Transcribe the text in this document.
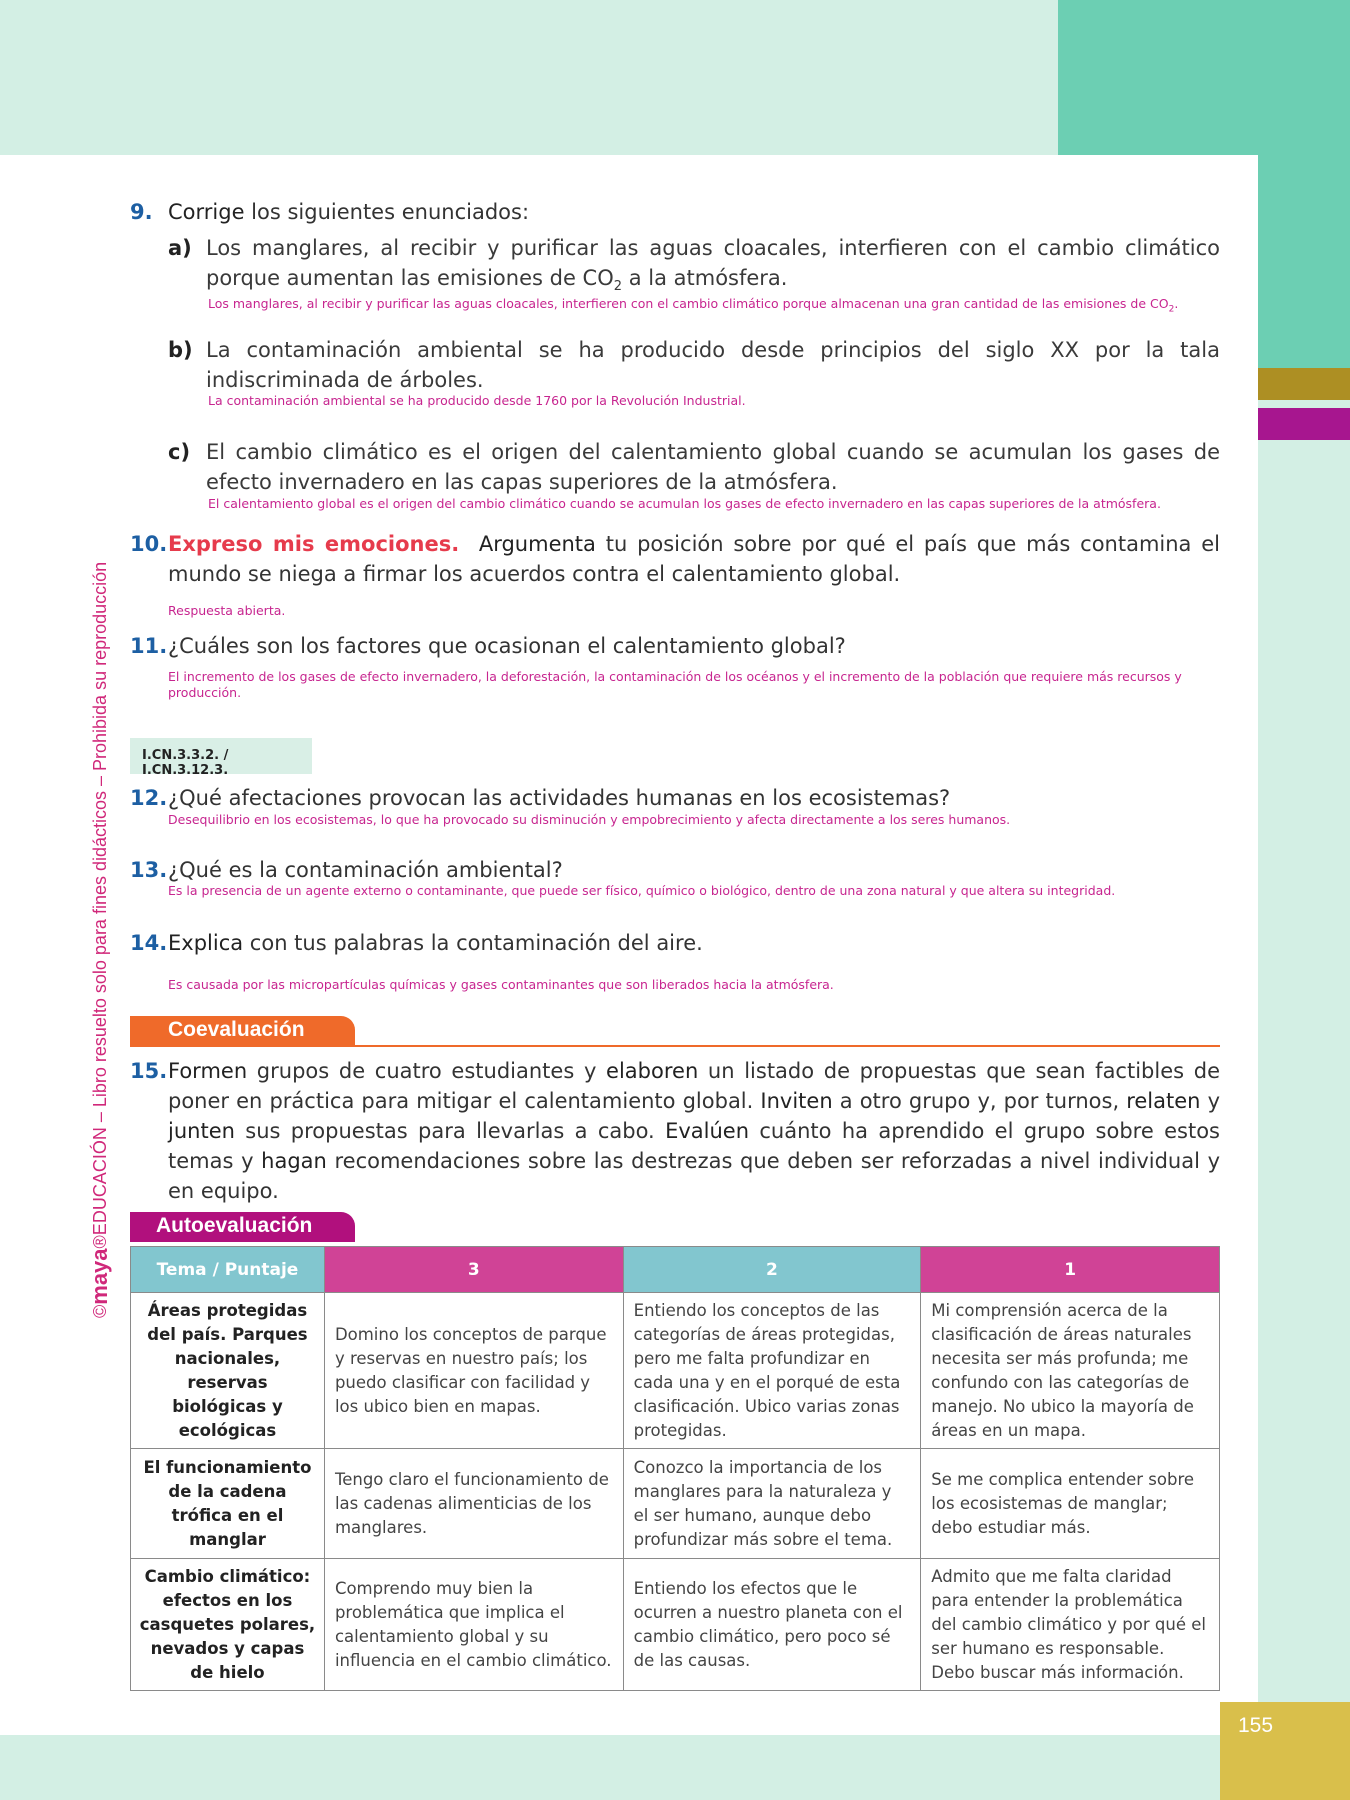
155
©
maya
®EDUCACIÓN – Libro resuelto solo para fines didácticos – Prohibida su reproducción
9. Corrige los siguientes enunciados:
a) Los manglares, al recibir y purificar las aguas cloacales, interfieren con el cambio climático porque aumentan las emisiones de $CO_2$ a la atmósfera.
Los manglares, al recibir y purificar las aguas cloacales, interfieren con el cambio climático porque almacenan una gran cantidad de las emisiones de $CO_2$.
b) La contaminación ambiental se ha producido desde principios del siglo XX por la tala indiscriminada de árboles.
La contaminación ambiental se ha producido desde 1760 por la Revolución Industrial.
c) El cambio climático es el origen del calentamiento global cuando se acumulan los gases de efecto invernadero en las capas superiores de la atmósfera.
El calentamiento global es el origen del cambio climático cuando se acumulan los gases de efecto invernadero en las capas superiores de la atmósfera.
10.Expreso mis emociones. Argumenta tu posición sobre por qué el país que más contamina el mundo se niega a firmar los acuerdos contra el calentamiento global.
Respuesta abierta.
11.¿Cuáles son los factores que ocasionan el calentamiento global?
El incremento de los gases de efecto invernadero, la deforestación, la contaminación de los océanos y el incremento de la población que requiere más recursos y producción.
I.CN.3.3.2. / I.CN.3.12.3.
12.¿Qué afectaciones provocan las actividades humanas en los ecosistemas?
Desequilibrio en los ecosistemas, lo que ha provocado su disminución y empobrecimiento y afecta directamente a los seres humanos.
13.¿Qué es la contaminación ambiental?
Es la presencia de un agente externo o contaminante, que puede ser físico, químico o biológico, dentro de una zona natural y que altera su integridad.
14.Explica con tus palabras la contaminación del aire.
Es causada por las micropartículas químicas y gases contaminantes que son liberados hacia la atmósfera.
Coevaluación
15.Formen grupos de cuatro estudiantes y elaboren un listado de propuestas que sean factibles de poner en práctica para mitigar el calentamiento global. Inviten a otro grupo y, por turnos, relaten y junten sus propuestas para llevarlas a cabo. Evalúen cuánto ha aprendido el grupo sobre estos temas y hagan recomendaciones sobre las destrezas que deben ser reforzadas a nivel individual y en equipo.
Autoevaluación
Tema / Puntaje	3	2	1
Áreas protegidas del país. Parques nacionales, reservas biológicas y ecológicas	Domino los conceptos de parque y reservas en nuestro país; los puedo clasificar con facilidad y los ubico bien en mapas.	Entiendo los conceptos de las categorías de áreas protegidas, pero me falta profundizar en cada una y en el porqué de esta clasificación. Ubico varias zonas protegidas.	Mi comprensión acerca de la clasificación de áreas naturales necesita ser más profunda; me confundo con las categorías de manejo. No ubico la mayoría de áreas en un mapa.
El funcionamiento de la cadena trófica en el manglar	Tengo claro el funcionamiento de las cadenas alimenticias de los manglares.	Conozco la importancia de los manglares para la naturaleza y el ser humano, aunque debo profundizar más sobre el tema.	Se me complica entender sobre los ecosistemas de manglar; debo estudiar más.
Cambio climático: efectos en los casquetes polares, nevados y capas de hielo	Comprendo muy bien la problemática que implica el calentamiento global y su influencia en el cambio climático.	Entiendo los efectos que le ocurren a nuestro planeta con el cambio climático, pero poco sé de las causas.	Admito que me falta claridad para entender la problemática del cambio climático y por qué el ser humano es responsable. Debo buscar más información.
